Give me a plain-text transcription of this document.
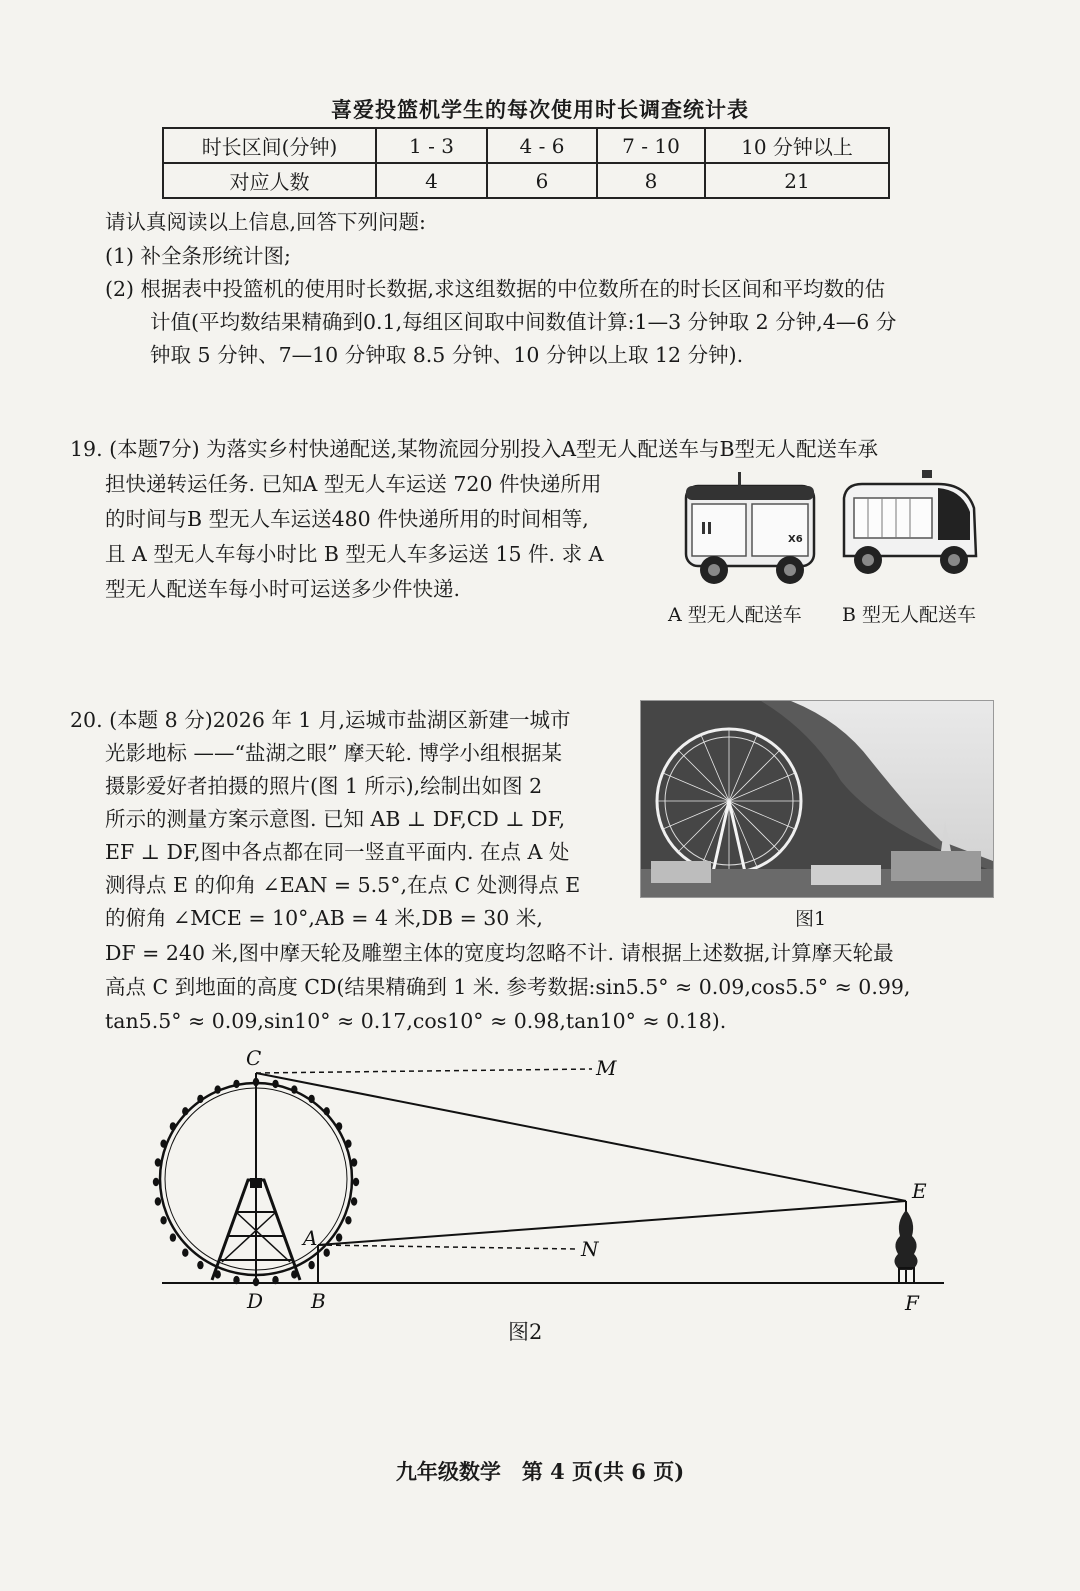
喜爱投篮机学生的每次使用时长调查统计表
时长区间(分钟)	1 - 3	4 - 6	7 - 10	10 分钟以上
对应人数	4	6	8	21
请认真阅读以上信息,回答下列问题:
(1) 补全条形统计图;
(2) 根据表中投篮机的使用时长数据,求这组数据的中位数所在的时长区间和平均数的估
计值(平均数结果精确到0.1,每组区间取中间数值计算:1—3 分钟取 2 分钟,4—6 分
钟取 5 分钟、7—10 分钟取 8.5 分钟、10 分钟以上取 12 分钟).
19. (本题7分) 为落实乡村快递配送,某物流园分别投入A型无人配送车与B型无人配送车承
担快递转运任务. 已知A 型无人车运送 720 件快递所用
的时间与B 型无人车运送480 件快递所用的时间相等,
且 A 型无人车每小时比 B 型无人车多运送 15 件. 求 A
型无人配送车每小时可运送多少件快递.
X6
A 型无人配送车 B 型无人配送车
20. (本题 8 分)2026 年 1 月,运城市盐湖区新建一城市
光影地标 ——“盐湖之眼” 摩天轮. 博学小组根据某
摄影爱好者拍摄的照片(图 1 所示),绘制出如图 2
所示的测量方案示意图. 已知 AB ⊥ DF,CD ⊥ DF,
EF ⊥ DF,图中各点都在同一竖直平面内. 在点 A 处
测得点 E 的仰角 ∠EAN = 5.5°,在点 C 处测得点 E
的俯角 ∠MCE = 10°,AB = 4 米,DB = 30 米,
DF = 240 米,图中摩天轮及雕塑主体的宽度均忽略不计. 请根据上述数据,计算摩天轮最
高点 C 到地面的高度 CD(结果精确到 1 米. 参考数据:sin5.5° ≈ 0.09,cos5.5° ≈ 0.99,
tan5.5° ≈ 0.09,sin10° ≈ 0.17,cos10° ≈ 0.98,tan10° ≈ 0.18).
图1
C	M
E
A	N
D B	F
图2
九年级数学　第 4 页(共 6 页)
